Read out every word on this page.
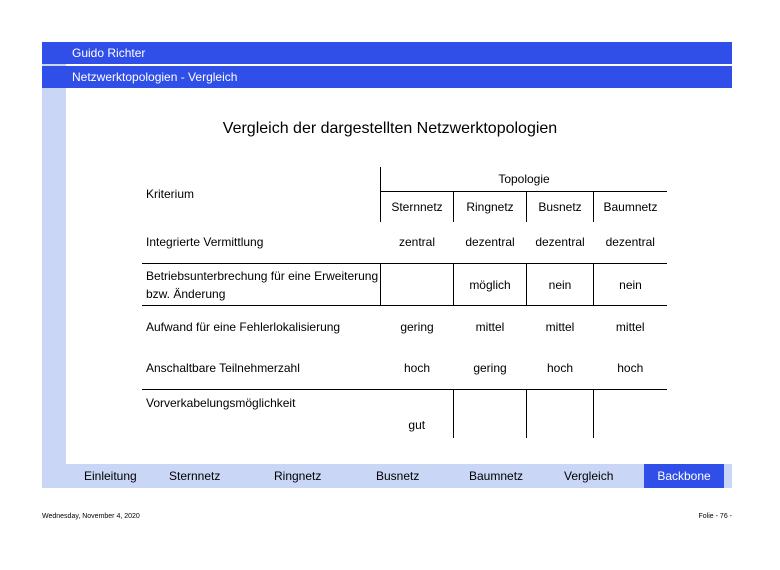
Guido Richter
Netzwerktopologien - Vergleich
Vergleich der dargestellten Netzwerktopologien
Kriterium	Topologie			
	Sternnetz	Ringnetz	Busnetz	Baumnetz
Integrierte Vermittlung	zentral	dezentral	dezentral	dezentral
Betriebsunterbrechung für eine Erweiterung bzw. Änderung		möglich	nein	nein
Aufwand für eine Fehlerlokalisierung	gering	mittel	mittel	mittel
Anschaltbare Teilnehmerzahl	hoch	gering	hoch	hoch
Vorverkabelungsmöglichkeit	gut			
Einleitung	Sternnetz	Ringnetz	Busnetz	Baumnetz	Vergleich	Backbone
Wednesday, November 4, 2020	Folie - 76 -
